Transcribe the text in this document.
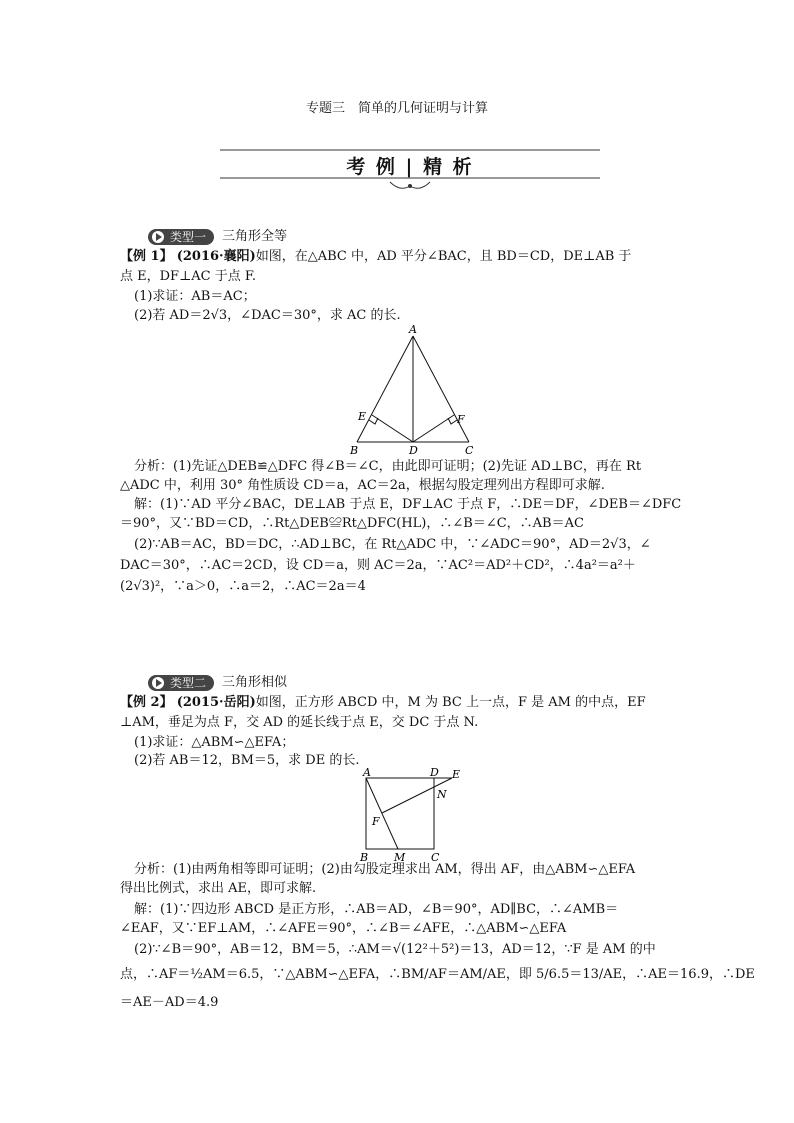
专题三　简单的几何证明与计算
考 例 | 精 析
类型一	三角形全等
【例 1】 (2016·襄阳)如图，在△ABC 中，AD 平分∠BAC，且 BD＝CD，DE⊥AB 于
点 E，DF⊥AC 于点 F.
(1)求证：AB＝AC；
(2)若 AD＝2√3，∠DAC＝30°，求 AC 的长.
A
B	C
D
E	F
分析：(1)先证△DEB≌△DFC 得∠B＝∠C，由此即可证明；(2)先证 AD⊥BC，再在 Rt
△ADC 中，利用 30° 角性质设 CD＝a，AC＝2a，根据勾股定理列出方程即可求解.
解：(1)∵AD 平分∠BAC，DE⊥AB 于点 E，DF⊥AC 于点 F，∴DE＝DF，∠DEB＝∠DFC
＝90°，又∵BD＝CD，∴Rt△DEB≌Rt△DFC(HL)，∴∠B＝∠C，∴AB＝AC
(2)∵AB＝AC，BD＝DC，∴AD⊥BC，在 Rt△ADC 中，∵∠ADC＝90°，AD＝2√3，∠
DAC＝30°，∴AC＝2CD，设 CD＝a，则 AC＝2a，∵AC²＝AD²＋CD²，∴4a²＝a²＋
(2√3)²，∵a＞0，∴a＝2，∴AC＝2a＝4
类型二	三角形相似
【例 2】 (2015·岳阳)如图，正方形 ABCD 中，M 为 BC 上一点，F 是 AM 的中点，EF
⊥AM，垂足为点 F，交 AD 的延长线于点 E，交 DC 于点 N.
(1)求证：△ABM∽△EFA；
(2)若 AB＝12，BM＝5，求 DE 的长.
A	D E
N
F
B M C
分析：(1)由两角相等即可证明；(2)由勾股定理求出 AM，得出 AF，由△ABM∽△EFA
得出比例式，求出 AE，即可求解.
解：(1)∵四边形 ABCD 是正方形，∴AB＝AD，∠B＝90°，AD∥BC，∴∠AMB＝
∠EAF，又∵EF⊥AM，∴∠AFE＝90°，∴∠B＝∠AFE，∴△ABM∽△EFA
(2)∵∠B＝90°，AB＝12，BM＝5，∴AM＝√(12²＋5²)＝13，AD＝12，∵F 是 AM 的中
点，∴AF＝½AM＝6.5，∵△ABM∽△EFA，∴BM/AF＝AM/AE，即 5/6.5＝13/AE，∴AE＝16.9，∴DE
＝AE－AD＝4.9
